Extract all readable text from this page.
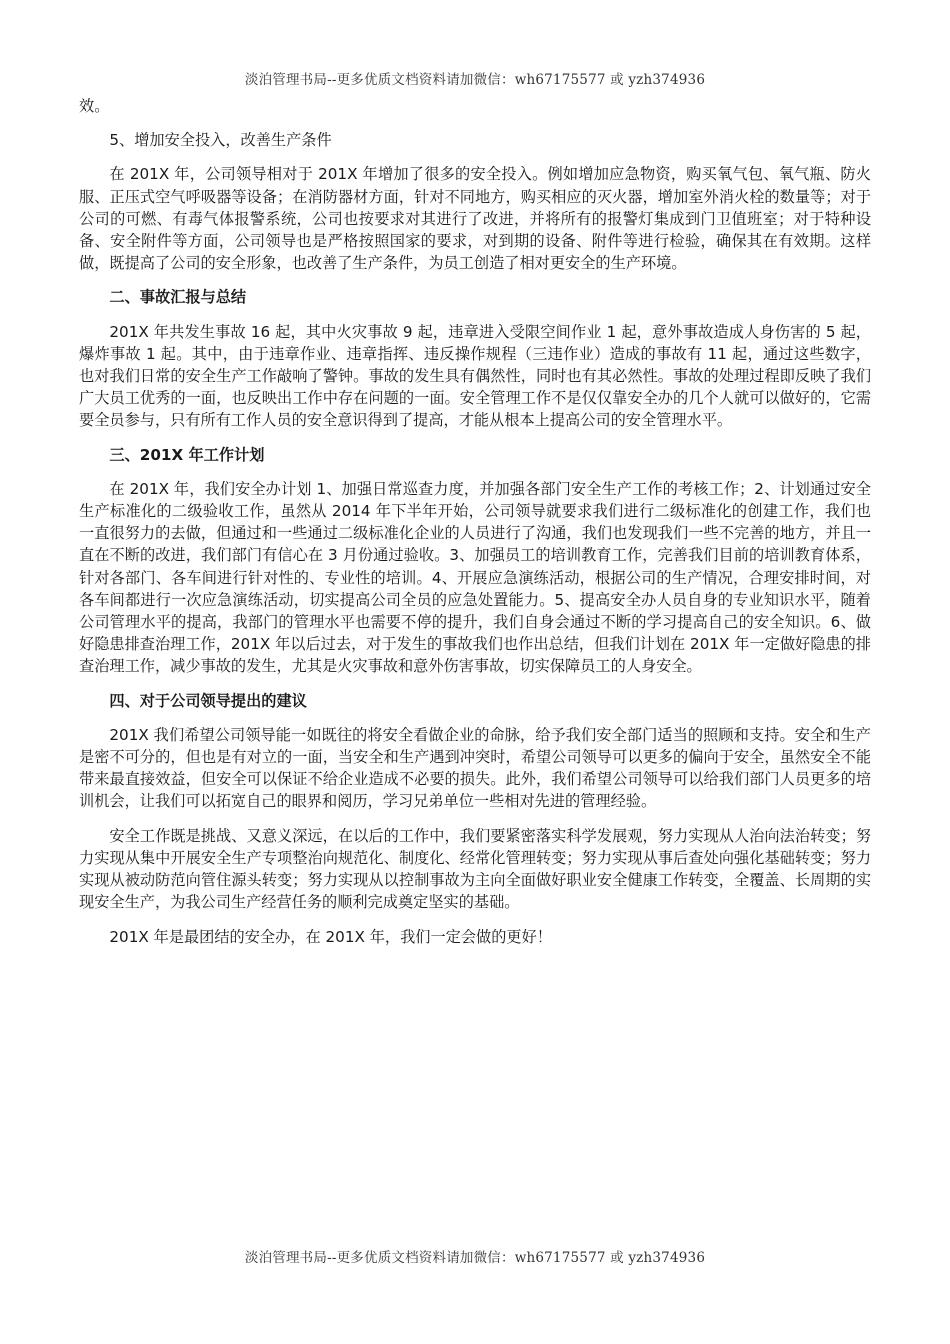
淡泊管理书局--更多优质文档资料请加微信：wh67175577 或 yzh374936

效。

5、增加安全投入，改善生产条件

在 201X 年，公司领导相对于 201X 年增加了很多的安全投入。例如增加应急物资，购买氧气包、氧气瓶、防火服、正压式空气呼吸器等设备；在消防器材方面，针对不同地方，购买相应的灭火器，增加室外消火栓的数量等；对于公司的可燃、有毒气体报警系统，公司也按要求对其进行了改进，并将所有的报警灯集成到门卫值班室；对于特种设备、安全附件等方面，公司领导也是严格按照国家的要求，对到期的设备、附件等进行检验，确保其在有效期。这样做，既提高了公司的安全形象，也改善了生产条件，为员工创造了相对更安全的生产环境。

二、事故汇报与总结

201X 年共发生事故 16 起，其中火灾事故 9 起，违章进入受限空间作业 1 起，意外事故造成人身伤害的 5 起，爆炸事故 1 起。其中，由于违章作业、违章指挥、违反操作规程（三违作业）造成的事故有 11 起，通过这些数字，也对我们日常的安全生产工作敲响了警钟。事故的发生具有偶然性，同时也有其必然性。事故的处理过程即反映了我们广大员工优秀的一面，也反映出工作中存在问题的一面。安全管理工作不是仅仅靠安全办的几个人就可以做好的，它需要全员参与，只有所有工作人员的安全意识得到了提高，才能从根本上提高公司的安全管理水平。

三、201X 年工作计划

在 201X 年，我们安全办计划 1、加强日常巡查力度，并加强各部门安全生产工作的考核工作；2、计划通过安全生产标准化的二级验收工作，虽然从 2014 年下半年开始，公司领导就要求我们进行二级标准化的创建工作，我们也一直很努力的去做，但通过和一些通过二级标准化企业的人员进行了沟通，我们也发现我们一些不完善的地方，并且一直在不断的改进，我们部门有信心在 3 月份通过验收。3、加强员工的培训教育工作，完善我们目前的培训教育体系，针对各部门、各车间进行针对性的、专业性的培训。4、开展应急演练活动，根据公司的生产情况，合理安排时间，对各车间都进行一次应急演练活动，切实提高公司全员的应急处置能力。5、提高安全办人员自身的专业知识水平，随着公司管理水平的提高，我部门的管理水平也需要不停的提升，我们自身会通过不断的学习提高自己的安全知识。6、做好隐患排查治理工作，201X 年以后过去，对于发生的事故我们也作出总结，但我们计划在 201X 年一定做好隐患的排查治理工作，减少事故的发生，尤其是火灾事故和意外伤害事故，切实保障员工的人身安全。

四、对于公司领导提出的建议

201X 我们希望公司领导能一如既往的将安全看做企业的命脉，给予我们安全部门适当的照顾和支持。安全和生产是密不可分的，但也是有对立的一面，当安全和生产遇到冲突时，希望公司领导可以更多的偏向于安全，虽然安全不能带来最直接效益，但安全可以保证不给企业造成不必要的损失。此外，我们希望公司领导可以给我们部门人员更多的培训机会，让我们可以拓宽自己的眼界和阅历，学习兄弟单位一些相对先进的管理经验。

安全工作既是挑战、又意义深远，在以后的工作中，我们要紧密落实科学发展观，努力实现从人治向法治转变；努力实现从集中开展安全生产专项整治向规范化、制度化、经常化管理转变；努力实现从事后查处向强化基础转变；努力实现从被动防范向管住源头转变；努力实现从以控制事故为主向全面做好职业安全健康工作转变，全覆盖、长周期的实现安全生产，为我公司生产经营任务的顺利完成奠定坚实的基础。

201X 年是最团结的安全办，在 201X 年，我们一定会做的更好！

淡泊管理书局--更多优质文档资料请加微信：wh67175577 或 yzh374936
